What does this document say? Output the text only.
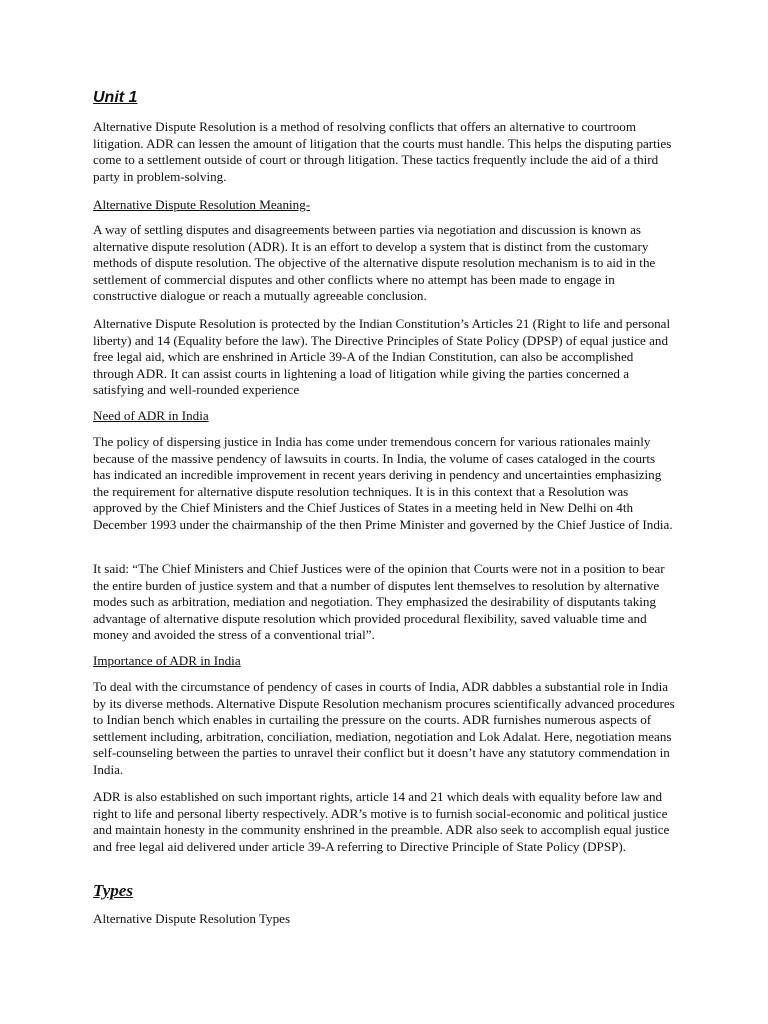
Unit 1

Alternative Dispute Resolution is a method of resolving conflicts that offers an alternative to courtroom litigation. ADR can lessen the amount of litigation that the courts must handle. This helps the disputing parties come to a settlement outside of court or through litigation. These tactics frequently include the aid of a third party in problem-solving.

Alternative Dispute Resolution Meaning-

A way of settling disputes and disagreements between parties via negotiation and discussion is known as alternative dispute resolution (ADR). It is an effort to develop a system that is distinct from the customary methods of dispute resolution. The objective of the alternative dispute resolution mechanism is to aid in the settlement of commercial disputes and other conflicts where no attempt has been made to engage in constructive dialogue or reach a mutually agreeable conclusion.

Alternative Dispute Resolution is protected by the Indian Constitution’s Articles 21 (Right to life and personal liberty) and 14 (Equality before the law). The Directive Principles of State Policy (DPSP) of equal justice and free legal aid, which are enshrined in Article 39-A of the Indian Constitution, can also be accomplished through ADR. It can assist courts in lightening a load of litigation while giving the parties concerned a satisfying and well-rounded experience

Need of ADR in India

The policy of dispersing justice in India has come under tremendous concern for various rationales mainly because of the massive pendency of lawsuits in courts. In India, the volume of cases cataloged in the courts has indicated an incredible improvement in recent years deriving in pendency and uncertainties emphasizing the requirement for alternative dispute resolution techniques. It is in this context that a Resolution was approved by the Chief Ministers and the Chief Justices of States in a meeting held in New Delhi on 4th December 1993 under the chairmanship of the then Prime Minister and governed by the Chief Justice of India.

It said: “The Chief Ministers and Chief Justices were of the opinion that Courts were not in a position to bear the entire burden of justice system and that a number of disputes lent themselves to resolution by alternative modes such as arbitration, mediation and negotiation. They emphasized the desirability of disputants taking advantage of alternative dispute resolution which provided procedural flexibility, saved valuable time and money and avoided the stress of a conventional trial”.

Importance of ADR in India

To deal with the circumstance of pendency of cases in courts of India, ADR dabbles a substantial role in India by its diverse methods. Alternative Dispute Resolution mechanism procures scientifically advanced procedures to Indian bench which enables in curtailing the pressure on the courts. ADR furnishes numerous aspects of settlement including, arbitration, conciliation, mediation, negotiation and Lok Adalat. Here, negotiation means self-counseling between the parties to unravel their conflict but it doesn’t have any statutory commendation in India.

ADR is also established on such important rights, article 14 and 21 which deals with equality before law and right to life and personal liberty respectively. ADR’s motive is to furnish social-economic and political justice and maintain honesty in the community enshrined in the preamble. ADR also seek to accomplish equal justice and free legal aid delivered under article 39-A referring to Directive Principle of State Policy (DPSP).

Types

Alternative Dispute Resolution Types
